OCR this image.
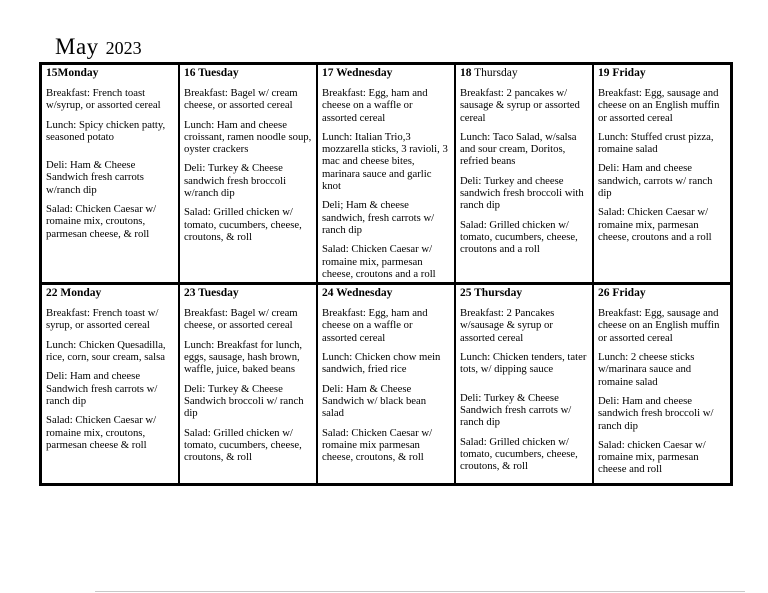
May 2023

15Monday

Breakfast: French toast w/syrup, or assorted cereal

Lunch: Spicy chicken patty, seasoned potato

Deli: Ham & Cheese Sandwich fresh carrots w/ranch dip

Salad: Chicken Caesar w/ romaine mix, croutons, parmesan cheese, & roll

16 Tuesday

Breakfast: Bagel w/ cream cheese, or assorted cereal

Lunch: Ham and cheese croissant, ramen noodle soup, oyster crackers

Deli: Turkey & Cheese sandwich fresh broccoli w/ranch dip

Salad: Grilled chicken w/ tomato, cucumbers, cheese, croutons, & roll

17 Wednesday

Breakfast: Egg, ham and cheese on a waffle or assorted cereal

Lunch: Italian Trio,3 mozzarella sticks, 3 ravioli, 3 mac and cheese bites, marinara sauce and garlic knot

Deli; Ham & cheese sandwich, fresh carrots w/ ranch dip

Salad: Chicken Caesar w/ romaine mix, parmesan cheese, croutons and a roll

18 Thursday

Breakfast: 2 pancakes w/ sausage & syrup or assorted cereal

Lunch: Taco Salad, w/salsa and sour cream, Doritos, refried beans

Deli: Turkey and cheese sandwich fresh broccoli with ranch dip

Salad: Grilled chicken w/ tomato, cucumbers, cheese, croutons and a roll

19 Friday

Breakfast: Egg, sausage and cheese on an English muffin or assorted cereal

Lunch: Stuffed crust pizza, romaine salad

Deli: Ham and cheese sandwich, carrots w/ ranch dip

Salad: Chicken Caesar w/ romaine mix, parmesan cheese, croutons and a roll

22 Monday

Breakfast: French toast w/ syrup, or assorted cereal

Lunch: Chicken Quesadilla, rice, corn, sour cream, salsa

Deli: Ham and cheese Sandwich fresh carrots w/ ranch dip

Salad: Chicken Caesar w/ romaine mix, croutons, parmesan cheese & roll

23 Tuesday

Breakfast: Bagel w/ cream cheese, or assorted cereal

Lunch: Breakfast for lunch, eggs, sausage, hash brown, waffle, juice, baked beans

Deli: Turkey & Cheese Sandwich broccoli w/ ranch dip

Salad: Grilled chicken w/ tomato, cucumbers, cheese, croutons, & roll

24 Wednesday

Breakfast: Egg, ham and cheese on a waffle or assorted cereal

Lunch: Chicken chow mein sandwich, fried rice

Deli: Ham & Cheese Sandwich w/ black bean salad

Salad: Chicken Caesar w/ romaine mix parmesan cheese, croutons, & roll

25 Thursday

Breakfast: 2 Pancakes w/sausage & syrup or assorted cereal

Lunch: Chicken tenders, tater tots, w/ dipping sauce

Deli: Turkey & Cheese Sandwich fresh carrots w/ ranch dip

Salad: Grilled chicken w/ tomato, cucumbers, cheese, croutons, & roll

26 Friday

Breakfast: Egg, sausage and cheese on an English muffin or assorted cereal

Lunch: 2 cheese sticks w/marinara sauce and romaine salad

Deli: Ham and cheese sandwich fresh broccoli w/ ranch dip

Salad: chicken Caesar w/ romaine mix, parmesan cheese and roll
